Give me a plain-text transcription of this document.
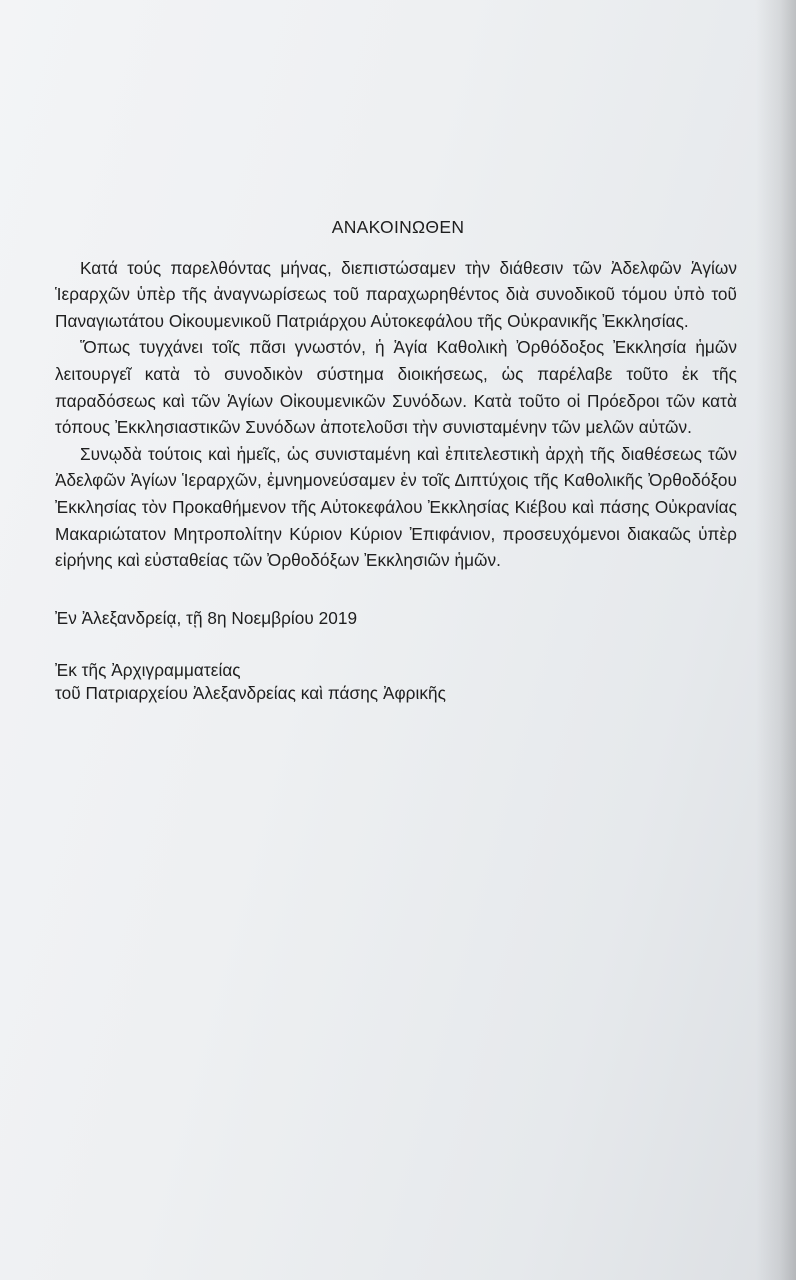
ΑΝΑΚΟΙΝΩΘΕΝ

Κατά τούς παρελθόντας μήνας, διεπιστώσαμεν τὴν διάθεσιν τῶν Ἀδελφῶν Ἁγίων Ἱεραρχῶν ὑπὲρ τῆς ἀναγνωρίσεως τοῦ παραχωρηθέντος διὰ συνοδικοῦ τόμου ὑπὸ τοῦ Παναγιωτάτου Οἰκουμενικοῦ Πατριάρχου Αὐτοκεφάλου τῆς Οὐκρανικῆς Ἐκκλησίας.

Ὅπως τυγχάνει τοῖς πᾶσι γνωστόν, ἡ Ἁγία Καθολικὴ Ὀρθόδοξος Ἐκκλησία ἡμῶν λειτουργεῖ κατὰ τὸ συνοδικὸν σύστημα διοικήσεως, ὡς παρέλαβε τοῦτο ἐκ τῆς παραδόσεως καὶ τῶν Ἁγίων Οἰκουμενικῶν Συνόδων. Κατὰ τοῦτο οἱ Πρόεδροι τῶν κατὰ τόπους Ἐκκλησιαστικῶν Συνόδων ἀποτελοῦσι τὴν συνισταμένην τῶν μελῶν αὐτῶν.

Συνῳδὰ τούτοις καὶ ἡμεῖς, ὡς συνισταμένη καὶ ἐπιτελεστικὴ ἀρχὴ τῆς διαθέσεως τῶν Ἀδελφῶν Ἁγίων Ἱεραρχῶν, ἐμνημονεύσαμεν ἐν τοῖς Διπτύχοις τῆς Καθολικῆς Ὀρθοδόξου Ἐκκλησίας τὸν Προκαθήμενον τῆς Αὐτοκεφάλου Ἐκκλησίας Κιέβου καὶ πάσης Οὐκρανίας Μακαριώτατον Μητροπολίτην Κύριον Κύριον Ἐπιφάνιον, προσευχόμενοι διακαῶς ὑπὲρ εἰρήνης καὶ εὐσταθείας τῶν Ὀρθοδόξων Ἐκκλησιῶν ἡμῶν.

Ἐν Ἀλεξανδρείᾳ, τῇ 8η Νοεμβρίου 2019
Ἐκ τῆς Ἀρχιγραμματείας
τοῦ Πατριαρχείου Ἀλεξανδρείας καὶ πάσης Ἀφρικῆς
